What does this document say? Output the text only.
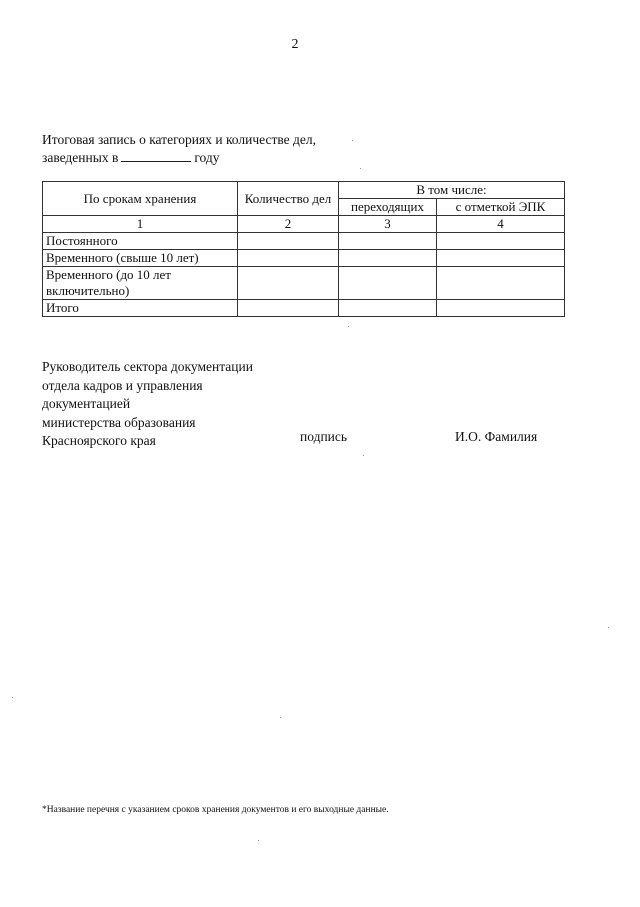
2
Итоговая запись о категориях и количестве дел,
заведенных в	году
По срокам хранения	Количество дел	В том числе:	
		переходящих	с отметкой ЭПК
1	2	3	4
Постоянного			
Временного (свыше 10 лет)			
Временного (до 10 лет включительно)			
Итого			
Руководитель сектора документации
отдела кадров и управления
документацией
министерства образования
Красноярского края	подпись	И.О. Фамилия
*Название перечня с указанием сроков хранения документов и его выходные данные.
